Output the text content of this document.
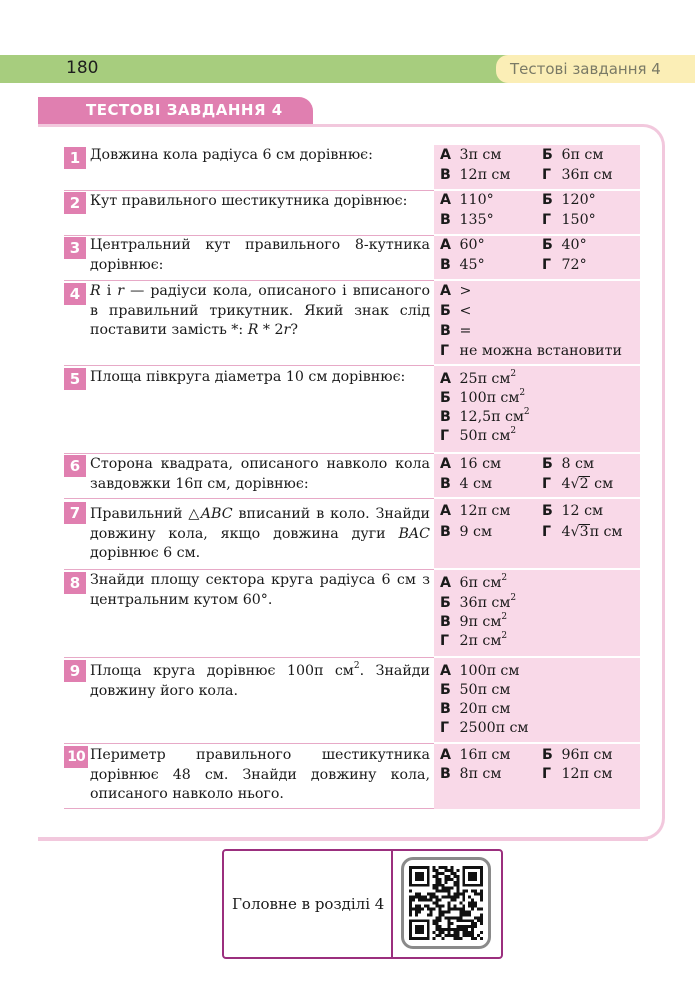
180	Тестові завдання 4
ТЕСТОВІ ЗАВДАННЯ 4
1 Довжина кола радіуса 6 см дорівнює:	А 3π см	Б 6π см
В 12π см Г 36π см
2 Кут правильного шестикутника дорівнює:	А 110°	Б 120°
В 135°	Г 150°
3 Центральний кут правильного 8-кутника дорівнює:
А 60°	Б 40°
В 45°	Г 72°
4 R і r — радіуси кола, описаного і вписаного в правильний трикутник. Який знак слід поставити замість *: R * 2r?
А >
Б <
В =
Г не можна встановити
5 Площа півкруга діаметра 10 см дорівнює:	А 25π $см^2$
Б 100π $см^2$
В 12,5π $см^2$
Г 50π $см^2$
6 Сторона квадрата, описаного навколо кола завдовжки 16π см, дорівнює:
А 16 см	Б 8 см
В 4 см	Г 4√2 см
7 Правильний △ABC вписаний в коло. Знайди довжину кола, якщо довжина дуги BAC дорівнює 6 см.
А 12π см Б 12 см
В 9 см	Г 4√3π см
8 Знайди площу сектора круга радіуса 6 см з центральним кутом 60°.
А 6π $см^2$
Б 36π $см^2$
В 9π $см^2$
Г 2π $см^2$
9 Площа круга дорівнює 100π $см^2$. Знайди довжину його кола.
А 100π см
Б 50π см
В 20π см
Г 2500π см
10 Периметр правильного шестикутника дорівнює 48 см. Знайди довжину кола, описаного навколо нього.
А 16π см Б 96π см
В 8π см	Г 12π см
Головне в розділі 4
